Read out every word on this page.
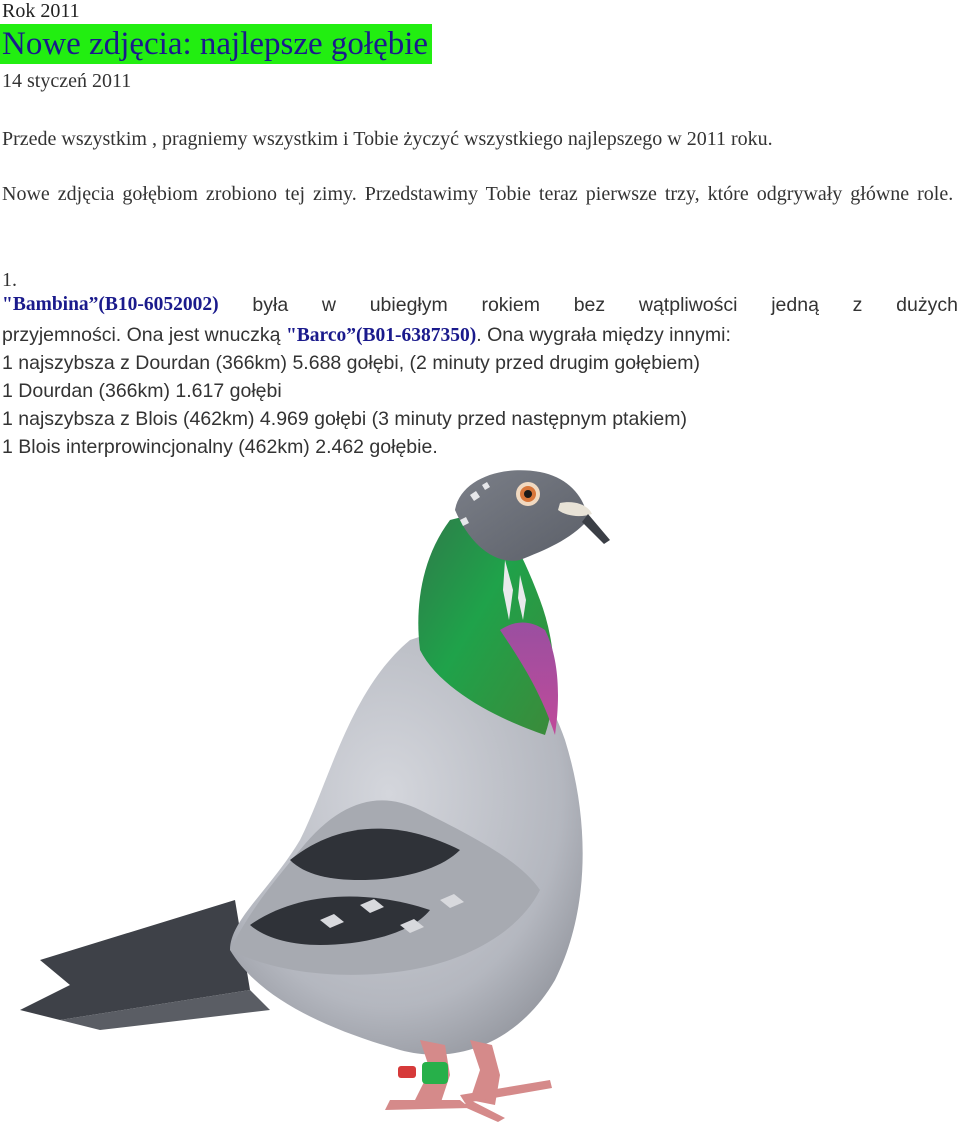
Rok 2011
Nowe zdjęcia: najlepsze gołębie
14 styczeń 2011
Przede wszystkim , pragniemy wszystkim i Tobie życzyć wszystkiego najlepszego w 2011 roku.
Nowe zdjęcia gołębiom zrobiono tej zimy. Przedstawimy Tobie teraz pierwsze trzy, które odgrywały główne role.
1.
"Bambina”(B10-6052002) była w ubiegłym rokiem bez wątpliwości jedną z dużych
przyjemności. Ona jest wnuczką "Barco”(B01-6387350). Ona wygrała między innymi:
1 najszybsza z Dourdan (366km) 5.688 gołębi, (2 minuty przed drugim gołębiem)
1 Dourdan (366km) 1.617 gołębi
1 najszybsza z Blois (462km) 4.969 gołębi (3 minuty przed następnym ptakiem)
1 Blois interprowincjonalny (462km) 2.462 gołębie.
